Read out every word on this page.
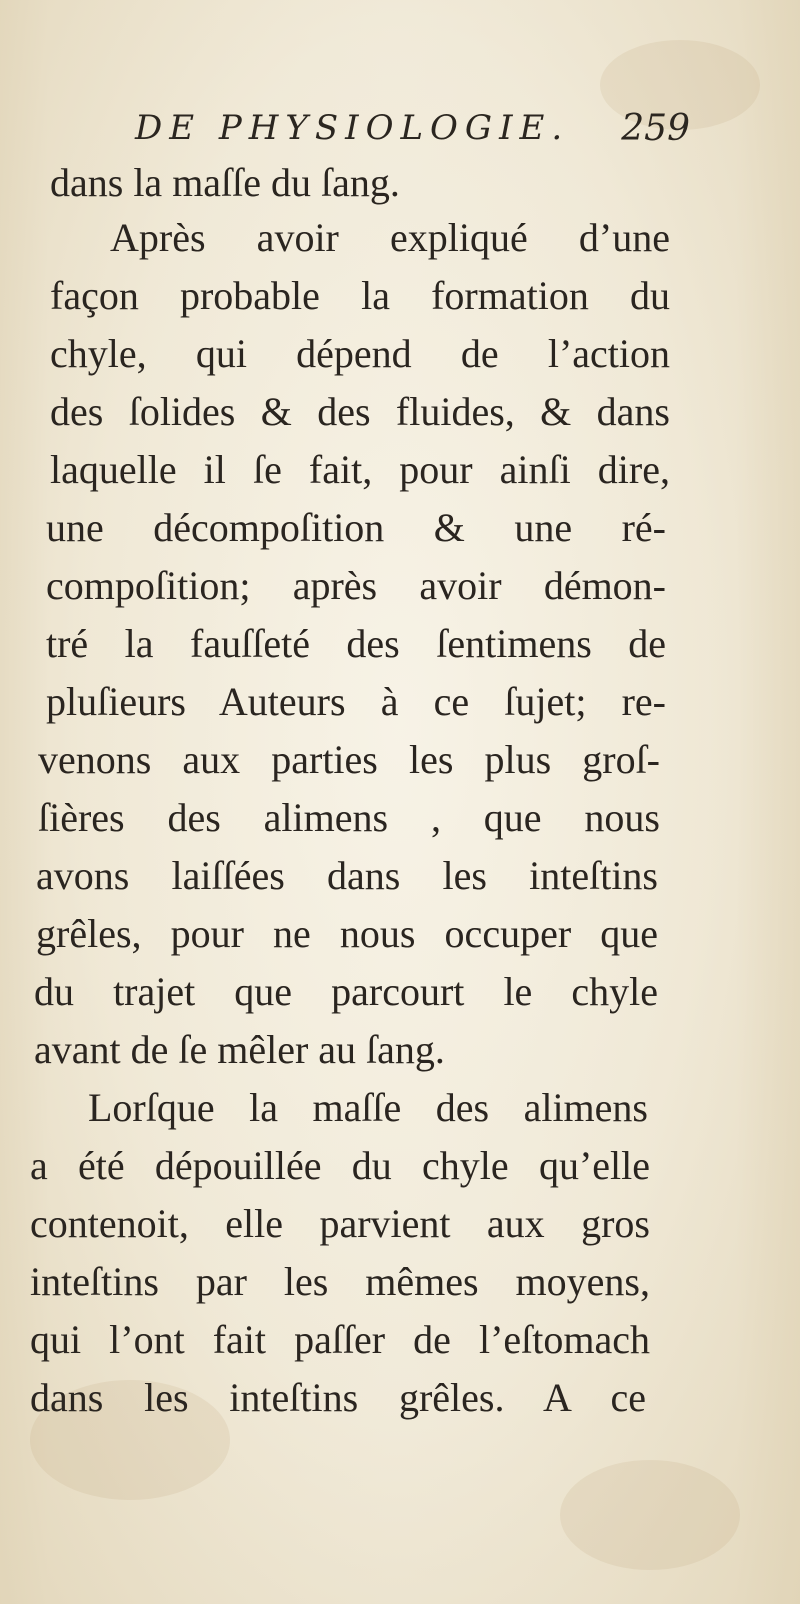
DE PHYSIOLOGIE. 259
dans la maſſe du ſang.
Après avoir expliqué d’une
façon probable la formation du
chyle, qui dépend de l’action
des ſolides & des fluides, & dans
laquelle il ſe fait, pour ainſi dire,
une décompoſition & une ré-
compoſition; après avoir démon-
tré la fauſſeté des ſentimens de
pluſieurs Auteurs à ce ſujet; re-
venons aux parties les plus groſ-
ſières des alimens , que nous
avons laiſſées dans les inteſtins
grêles, pour ne nous occuper que
du trajet que parcourt le chyle
avant de ſe mêler au ſang.
Lorſque la maſſe des alimens
a été dépouillée du chyle qu’elle
contenoit, elle parvient aux gros
inteſtins par les mêmes moyens,
qui l’ont fait paſſer de l’eſtomach
dans les inteſtins grêles. A ce
